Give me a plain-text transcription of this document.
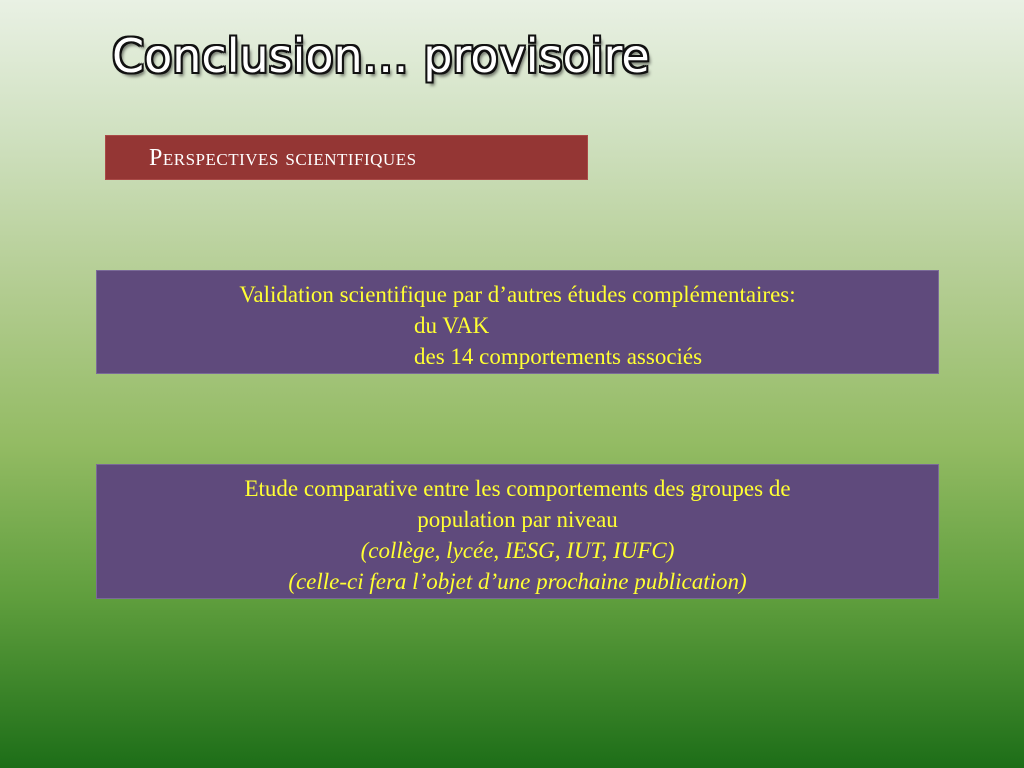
Conclusion… provisoire
Perspectives scientifiques
Validation scientifique par d’autres études complémentaires:
du VAK
des 14 comportements associés
Etude comparative entre les comportements des groupes de
population par niveau
(collège, lycée, IESG, IUT, IUFC)
(celle-ci fera l’objet d’une prochaine publication)
